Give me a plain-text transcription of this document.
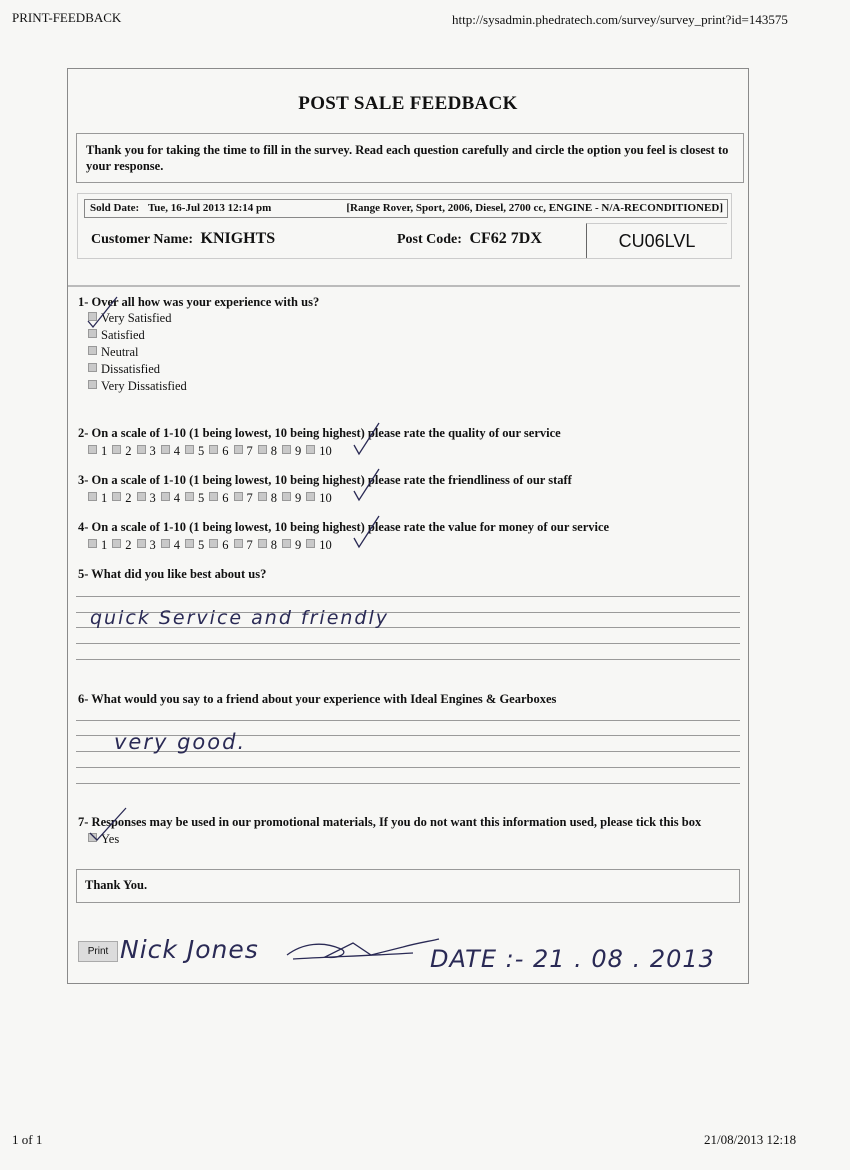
PRINT-FEEDBACK	http://sysadmin.phedratech.com/survey/survey_print?id=143575
POST SALE FEEDBACK
Thank you for taking the time to fill in the survey. Read each question carefully and circle the option you feel is closest to your response.
Sold Date: Tue, 16-Jul 2013 12:14 pm	[Range Rover, Sport, 2006, Diesel, 2700 cc, ENGINE - N/A-RECONDITIONED]
Customer Name: KNIGHTS	Post Code: CF62 7DX	CU06LVL
1- Over all how was your experience with us?
Very Satisfied
Satisfied
Neutral
Dissatisfied
Very Dissatisfied
2- On a scale of 1-10 (1 being lowest, 10 being highest) please rate the quality of our service
1 2 3 4 5 6 7 8 9 10
3- On a scale of 1-10 (1 being lowest, 10 being highest) please rate the friendliness of our staff
1 2 3 4 5 6 7 8 9 10
4- On a scale of 1-10 (1 being lowest, 10 being highest) please rate the value for money of our service
1 2 3 4 5 6 7 8 9 10
5- What did you like best about us?
quick Service and friendly
6- What would you say to a friend about your experience with Ideal Engines & Gearboxes
very good.
7- Responses may be used in our promotional materials, If you do not want this information used, please tick this box
Yes
Thank You.
Print Nick Jones	DATE :- 21 . 08 . 2013
1 of 1	21/08/2013 12:18
